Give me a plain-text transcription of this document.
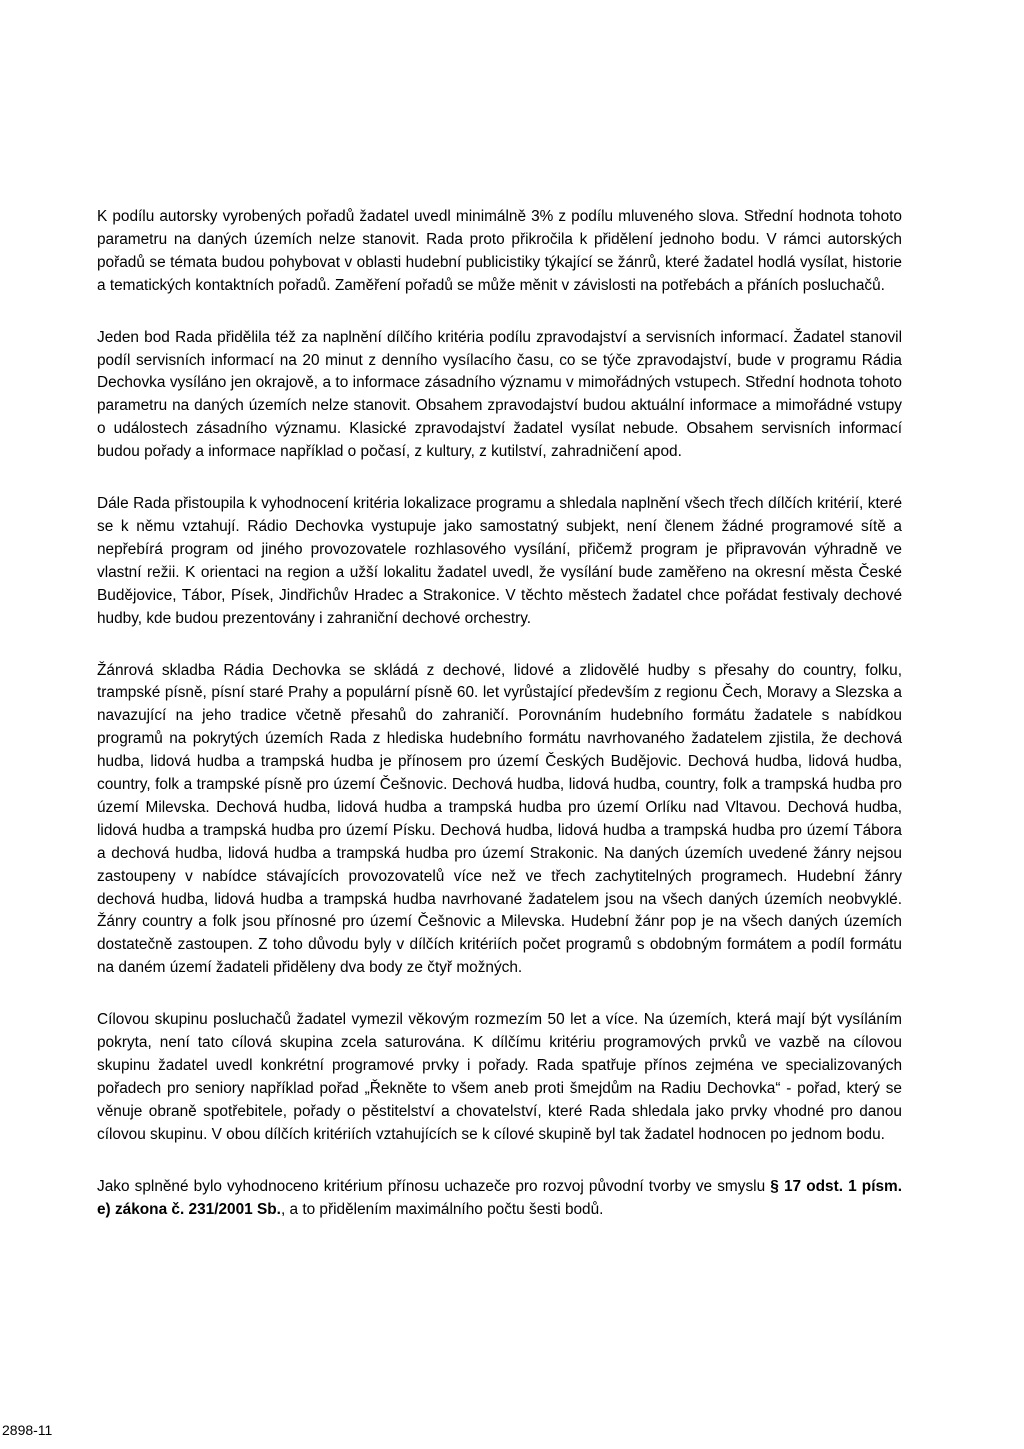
K podílu autorsky vyrobených pořadů žadatel uvedl minimálně 3% z podílu mluveného slova. Střední hodnota tohoto parametru na daných územích nelze stanovit. Rada proto přikročila k přidělení jednoho bodu. V rámci autorských pořadů se témata budou pohybovat v oblasti hudební publicistiky týkající se žánrů, které žadatel hodlá vysílat, historie a tematických kontaktních pořadů. Zaměření pořadů se může měnit v závislosti na potřebách a přáních posluchačů.

Jeden bod Rada přidělila též za naplnění dílčího kritéria podílu zpravodajství a servisních informací. Žadatel stanovil podíl servisních informací na 20 minut z denního vysílacího času, co se týče zpravodajství, bude v programu Rádia Dechovka vysíláno jen okrajově, a to informace zásadního významu v mimořádných vstupech. Střední hodnota tohoto parametru na daných územích nelze stanovit. Obsahem zpravodajství budou aktuální informace a mimořádné vstupy o událostech zásadního významu. Klasické zpravodajství žadatel vysílat nebude. Obsahem servisních informací budou pořady a informace například o počasí, z kultury, z kutilství, zahradničení apod.

Dále Rada přistoupila k vyhodnocení kritéria lokalizace programu a shledala naplnění všech třech dílčích kritérií, které se k němu vztahují. Rádio Dechovka vystupuje jako samostatný subjekt, není členem žádné programové sítě a nepřebírá program od jiného provozovatele rozhlasového vysílání, přičemž program je připravován výhradně ve vlastní režii. K orientaci na region a užší lokalitu žadatel uvedl, že vysílání bude zaměřeno na okresní města České Budějovice, Tábor, Písek, Jindřichův Hradec a Strakonice. V těchto městech žadatel chce pořádat festivaly dechové hudby, kde budou prezentovány i zahraniční dechové orchestry.

Žánrová skladba Rádia Dechovka se skládá z dechové, lidové a zlidovělé hudby s přesahy do country, folku, trampské písně, písní staré Prahy a populární písně 60. let vyrůstající především z regionu Čech, Moravy a Slezska a navazující na jeho tradice včetně přesahů do zahraničí. Porovnáním hudebního formátu žadatele s nabídkou programů na pokrytých územích Rada z hlediska hudebního formátu navrhovaného žadatelem zjistila, že dechová hudba, lidová hudba a trampská hudba je přínosem pro území Českých Budějovic. Dechová hudba, lidová hudba, country, folk a trampské písně pro území Češnovic. Dechová hudba, lidová hudba, country, folk a trampská hudba pro území Milevska. Dechová hudba, lidová hudba a trampská hudba pro území Orlíku nad Vltavou. Dechová hudba, lidová hudba a trampská hudba pro území Písku. Dechová hudba, lidová hudba a trampská hudba pro území Tábora a dechová hudba, lidová hudba a trampská hudba pro území Strakonic. Na daných územích uvedené žánry nejsou zastoupeny v nabídce stávajících provozovatelů více než ve třech zachytitelných programech. Hudební žánry dechová hudba, lidová hudba a trampská hudba navrhované žadatelem jsou na všech daných územích neobvyklé. Žánry country a folk jsou přínosné pro území Češnovic a Milevska. Hudební žánr pop je na všech daných územích dostatečně zastoupen. Z toho důvodu byly v dílčích kritériích počet programů s obdobným formátem a podíl formátu na daném území žadateli přiděleny dva body ze čtyř možných.

Cílovou skupinu posluchačů žadatel vymezil věkovým rozmezím 50 let a více. Na územích, která mají být vysíláním pokryta, není tato cílová skupina zcela saturována. K dílčímu kritériu programových prvků ve vazbě na cílovou skupinu žadatel uvedl konkrétní programové prvky i pořady. Rada spatřuje přínos zejména ve specializovaných pořadech pro seniory například pořad „Řekněte to všem aneb proti šmejdům na Radiu Dechovka“ - pořad, který se věnuje obraně spotřebitele, pořady o pěstitelství a chovatelství, které Rada shledala jako prvky vhodné pro danou cílovou skupinu. V obou dílčích kritériích vztahujících se k cílové skupině byl tak žadatel hodnocen po jednom bodu.

Jako splněné bylo vyhodnoceno kritérium přínosu uchazeče pro rozvoj původní tvorby ve smyslu § 17 odst. 1 písm. e) zákona č. 231/2001 Sb., a to přidělením maximálního počtu šesti bodů.

2898-11
